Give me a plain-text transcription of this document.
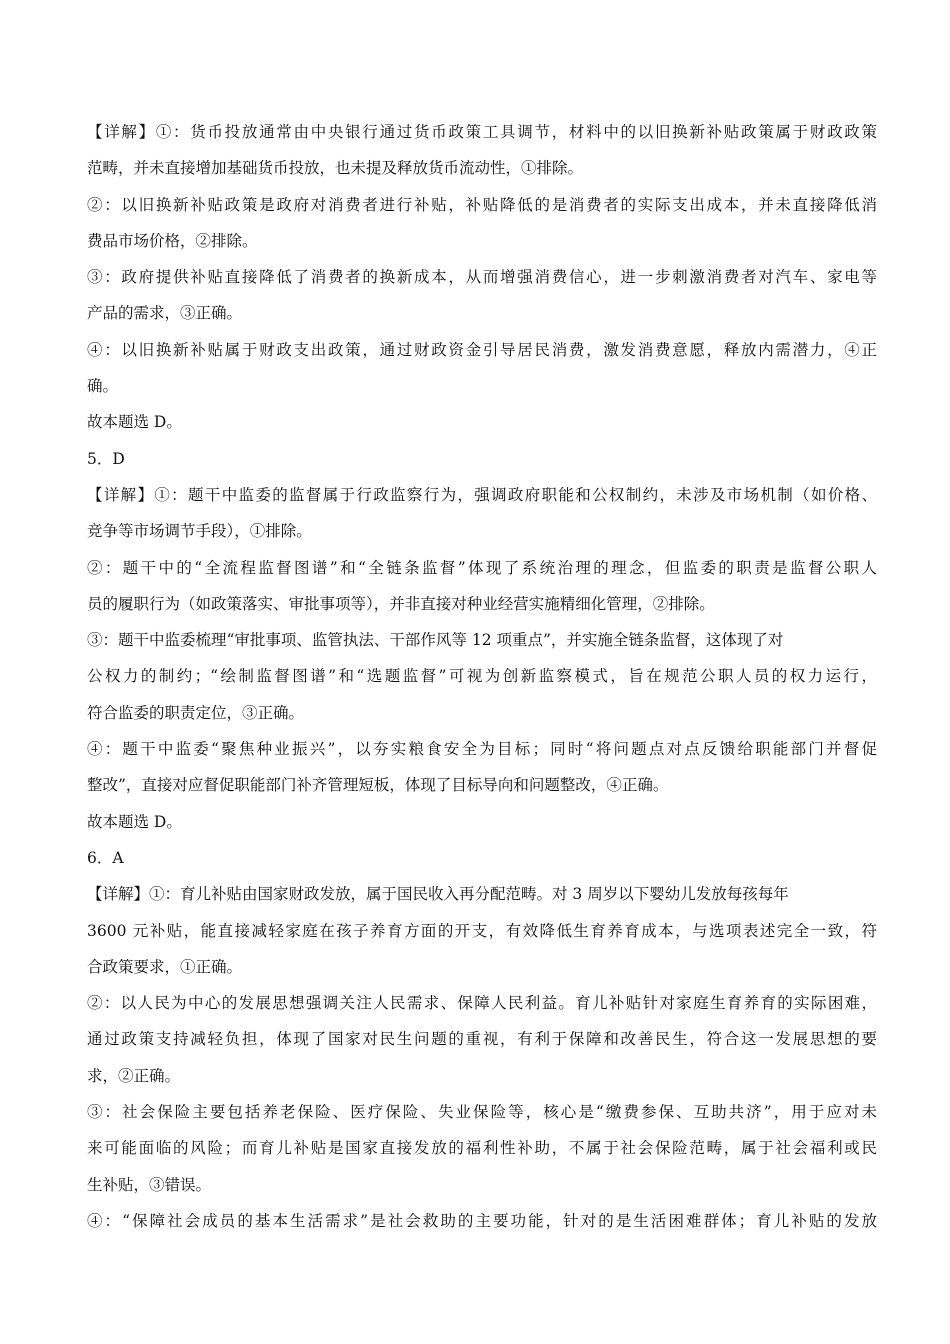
【详解】①：货币投放通常由中央银行通过货币政策工具调节，材料中的以旧换新补贴政策属于财政政策
范畴，并未直接增加基础货币投放，也未提及释放货币流动性，①排除。
②：以旧换新补贴政策是政府对消费者进行补贴，补贴降低的是消费者的实际支出成本，并未直接降低消
费品市场价格，②排除。
③：政府提供补贴直接降低了消费者的换新成本，从而增强消费信心，进一步刺激消费者对汽车、家电等
产品的需求，③正确。
④：以旧换新补贴属于财政支出政策，通过财政资金引导居民消费，激发消费意愿，释放内需潜力，④正
确。
故本题选 D。
5．D
【详解】①：题干中监委的监督属于行政监察行为，强调政府职能和公权制约，未涉及市场机制（如价格、
竞争等市场调节手段），①排除。
②：题干中的“全流程监督图谱”和“全链条监督”体现了系统治理的理念，但监委的职责是监督公职人
员的履职行为（如政策落实、审批事项等），并非直接对种业经营实施精细化管理，②排除。
③：题干中监委梳理“审批事项、监管执法、干部作风等 12 项重点”，并实施全链条监督，这体现了对
公权力的制约；“绘制监督图谱”和“选题监督”可视为创新监察模式，旨在规范公职人员的权力运行，
符合监委的职责定位，③正确。
④：题干中监委“聚焦种业振兴”，以夯实粮食安全为目标；同时“将问题点对点反馈给职能部门并督促
整改”，直接对应督促职能部门补齐管理短板，体现了目标导向和问题整改，④正确。
故本题选 D。
6．A
【详解】①：育儿补贴由国家财政发放，属于国民收入再分配范畴。对 3 周岁以下婴幼儿发放每孩每年
3600 元补贴，能直接减轻家庭在孩子养育方面的开支，有效降低生育养育成本，与选项表述完全一致，符
合政策要求，①正确。
②：以人民为中心的发展思想强调关注人民需求、保障人民利益。育儿补贴针对家庭生育养育的实际困难，
通过政策支持减轻负担，体现了国家对民生问题的重视，有利于保障和改善民生，符合这一发展思想的要
求，②正确。
③：社会保险主要包括养老保险、医疗保险、失业保险等，核心是“缴费参保、互助共济”，用于应对未
来可能面临的风险；而育儿补贴是国家直接发放的福利性补助，不属于社会保险范畴，属于社会福利或民
生补贴，③错误。
④：“保障社会成员的基本生活需求”是社会救助的主要功能，针对的是生活困难群体；育儿补贴的发放
